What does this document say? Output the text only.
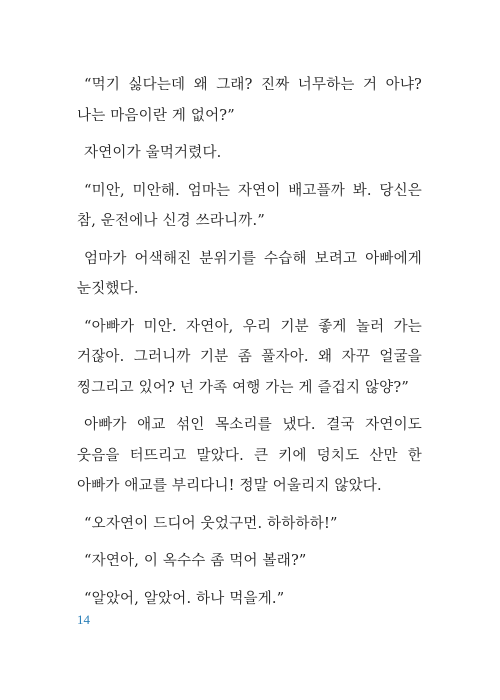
“먹기 싫다는데 왜 그래? 진짜 너무하는 거 아냐? 나는 마음이란 게 없어?”

자연이가 울먹거렸다.

“미안, 미안해. 엄마는 자연이 배고플까 봐. 당신은 참, 운전에나 신경 쓰라니까.”

엄마가 어색해진 분위기를 수습해 보려고 아빠에게 눈짓했다.

“아빠가 미안. 자연아, 우리 기분 좋게 놀러 가는 거잖아. 그러니까 기분 좀 풀자아. 왜 자꾸 얼굴을 찡그리고 있어? 넌 가족 여행 가는 게 즐겁지 않양?”

아빠가 애교 섞인 목소리를 냈다. 결국 자연이도 웃음을 터뜨리고 말았다. 큰 키에 덩치도 산만 한 아빠가 애교를 부리다니! 정말 어울리지 않았다.

“오자연이 드디어 웃었구먼. 하하하하!”

“자연아, 이 옥수수 좀 먹어 볼래?”

“알았어, 알았어. 하나 먹을게.”

14
